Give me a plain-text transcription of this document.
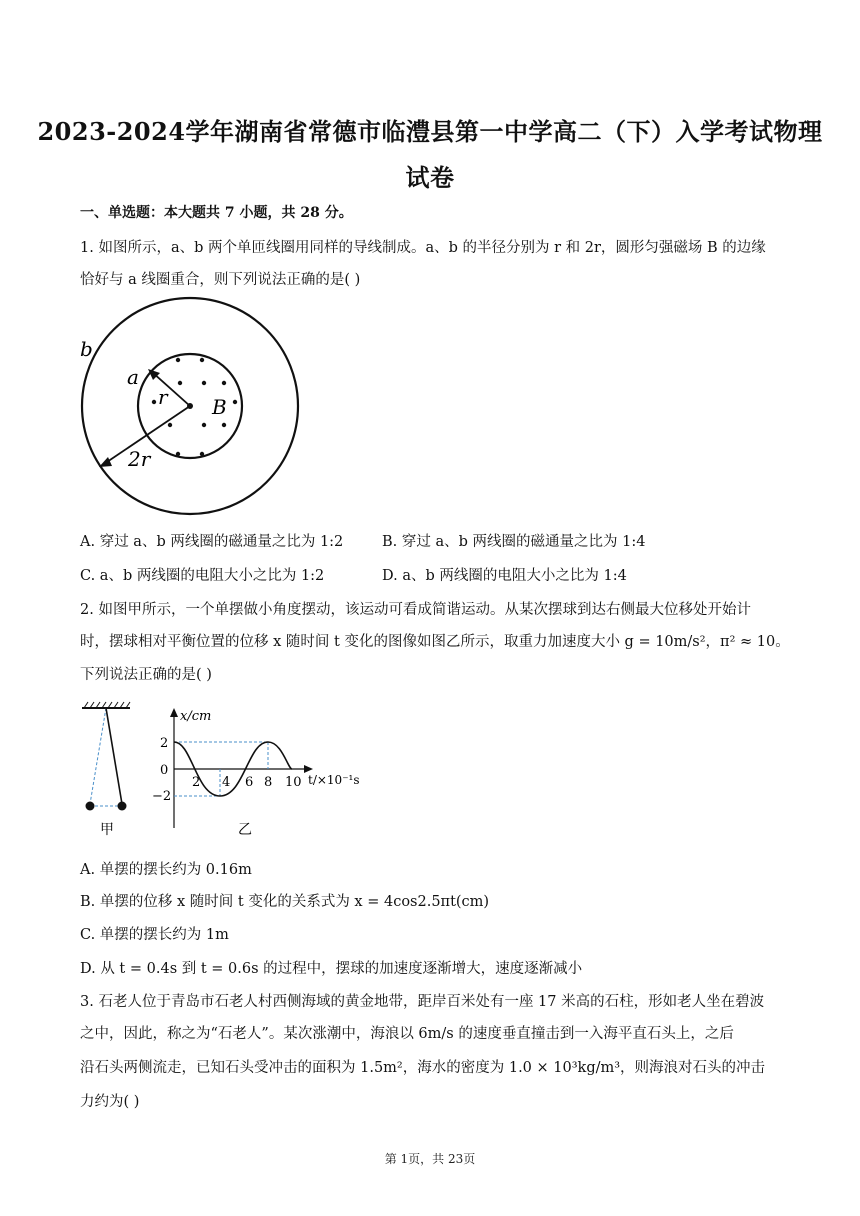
2023-2024学年湖南省常德市临澧县第一中学高二（下）入学考试物理
试卷
一、单选题：本大题共 7 小题，共 28 分。
1. 如图所示，a、b 两个单匝线圈用同样的导线制成。a、b 的半径分别为 r 和 2r，圆形匀强磁场 B 的边缘
恰好与 a 线圈重合，则下列说法正确的是( )
b
a
r B
2r
A. 穿过 a、b 两线圈的磁通量之比为 1:2	B. 穿过 a、b 两线圈的磁通量之比为 1:4
C. a、b 两线圈的电阻大小之比为 1:2	D. a、b 两线圈的电阻大小之比为 1:4
2. 如图甲所示，一个单摆做小角度摆动，该运动可看成简谐运动。从某次摆球到达右侧最大位移处开始计
时，摆球相对平衡位置的位移 x 随时间 t 变化的图像如图乙所示，取重力加速度大小 g = 10m/s²，π² ≈ 10。
下列说法正确的是( )
甲
x/cm
t/×10⁻¹s
2
0
−2
2 4 6 8 10
乙
A. 单摆的摆长约为 0.16m
B. 单摆的位移 x 随时间 t 变化的关系式为 x = 4cos2.5πt(cm)
C. 单摆的摆长约为 1m
D. 从 t = 0.4s 到 t = 0.6s 的过程中，摆球的加速度逐渐增大，速度逐渐减小
3. 石老人位于青岛市石老人村西侧海域的黄金地带，距岸百米处有一座 17 米高的石柱，形如老人坐在碧波
之中，因此，称之为“石老人”。某次涨潮中，海浪以 6m/s 的速度垂直撞击到一入海平直石头上，之后
沿石头两侧流走，已知石头受冲击的面积为 1.5m²，海水的密度为 1.0 × 10³kg/m³，则海浪对石头的冲击
力约为( )
第 1页，共 23页
